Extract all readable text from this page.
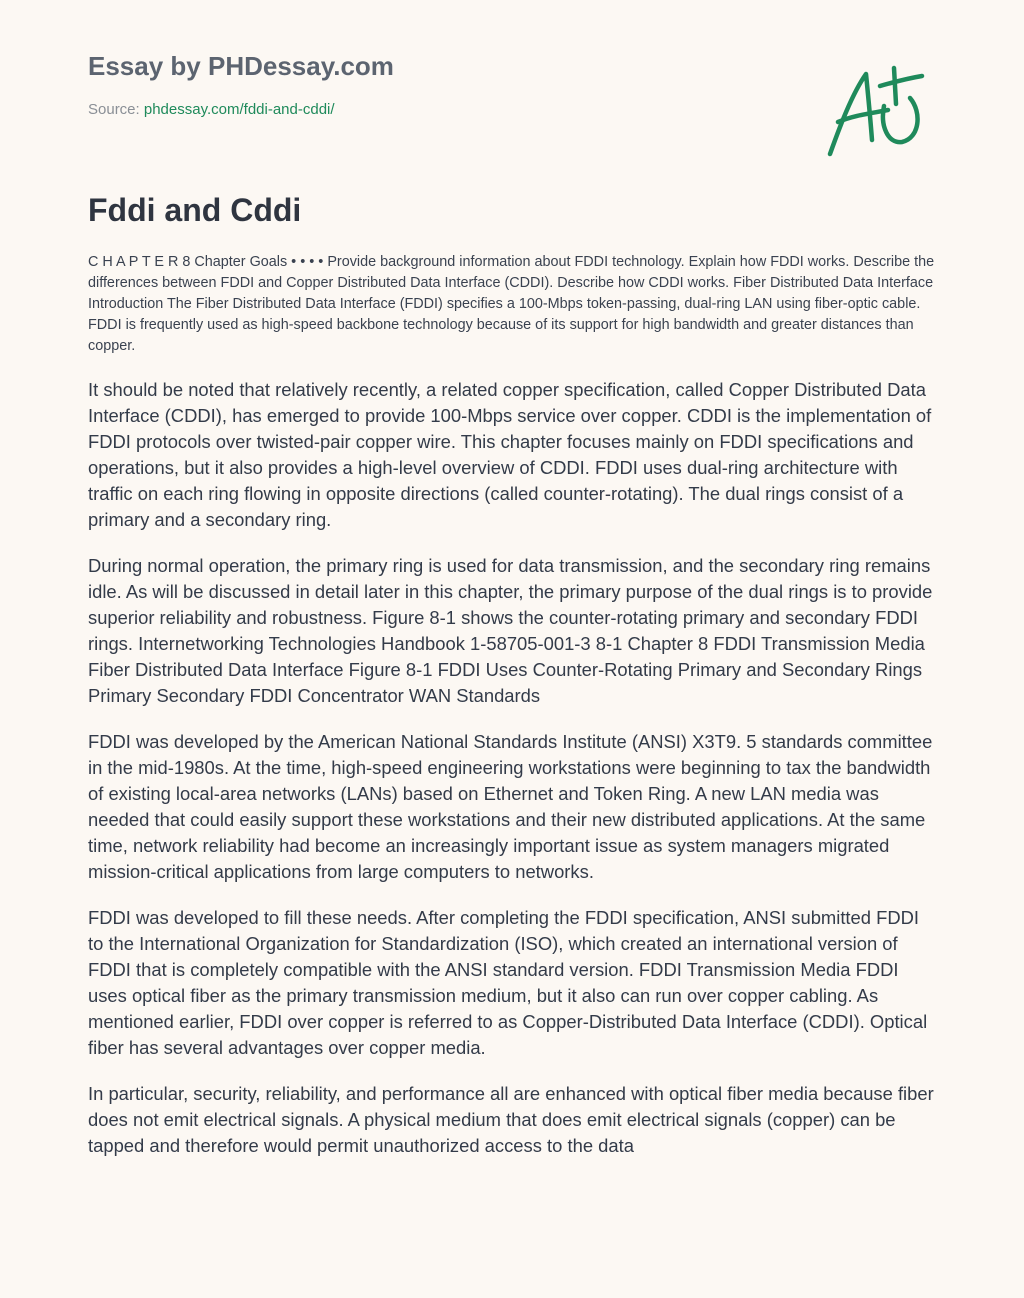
Essay by PHDessay.com
Source: phdessay.com/fddi-and-cddi/
Fddi and Cddi

C H A P T E R 8 Chapter Goals • • • • Provide background information about FDDI technology. Explain how FDDI works. Describe the differences between FDDI and Copper Distributed Data Interface (CDDI). Describe how CDDI works. Fiber Distributed Data Interface Introduction The Fiber Distributed Data Interface (FDDI) specifies a 100-Mbps token-passing, dual-ring LAN using fiber-optic cable. FDDI is frequently used as high-speed backbone technology because of its support for high bandwidth and greater distances than copper.

It should be noted that relatively recently, a related copper specification, called Copper Distributed Data Interface (CDDI), has emerged to provide 100-Mbps service over copper. CDDI is the implementation of FDDI protocols over twisted-pair copper wire. This chapter focuses mainly on FDDI specifications and operations, but it also provides a high-level overview of CDDI. FDDI uses dual-ring architecture with traffic on each ring flowing in opposite directions (called counter-rotating). The dual rings consist of a primary and a secondary ring.

During normal operation, the primary ring is used for data transmission, and the secondary ring remains idle. As will be discussed in detail later in this chapter, the primary purpose of the dual rings is to provide superior reliability and robustness. Figure 8-1 shows the counter-rotating primary and secondary FDDI rings. Internetworking Technologies Handbook 1-58705-001-3 8-1 Chapter 8 FDDI Transmission Media Fiber Distributed Data Interface Figure 8-1 FDDI Uses Counter-Rotating Primary and Secondary Rings Primary Secondary FDDI Concentrator WAN Standards

FDDI was developed by the American National Standards Institute (ANSI) X3T9. 5 standards committee in the mid-1980s. At the time, high-speed engineering workstations were beginning to tax the bandwidth of existing local-area networks (LANs) based on Ethernet and Token Ring. A new LAN media was needed that could easily support these workstations and their new distributed applications. At the same time, network reliability had become an increasingly important issue as system managers migrated mission-critical applications from large computers to networks.

FDDI was developed to fill these needs. After completing the FDDI specification, ANSI submitted FDDI to the International Organization for Standardization (ISO), which created an international version of FDDI that is completely compatible with the ANSI standard version. FDDI Transmission Media FDDI uses optical fiber as the primary transmission medium, but it also can run over copper cabling. As mentioned earlier, FDDI over copper is referred to as Copper-Distributed Data Interface (CDDI). Optical fiber has several advantages over copper media.

In particular, security, reliability, and performance all are enhanced with optical fiber media because fiber does not emit electrical signals. A physical medium that does emit electrical signals (copper) can be tapped and therefore would permit unauthorized access to the data
